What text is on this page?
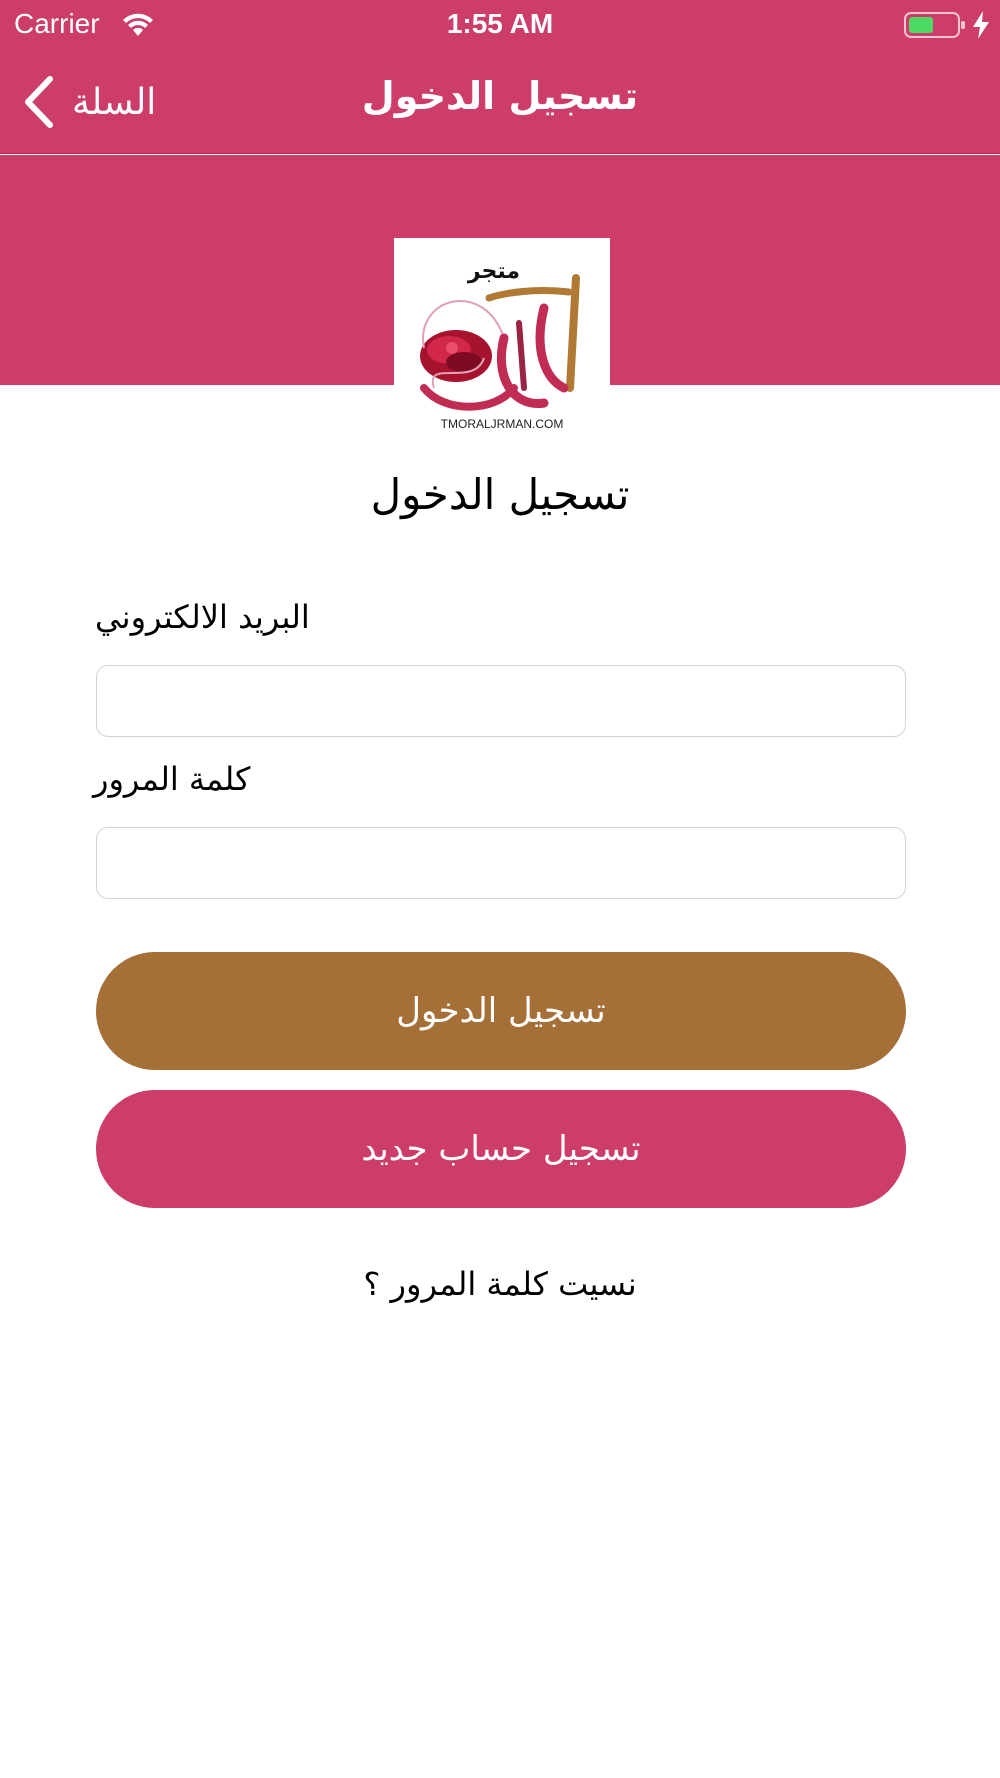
Carrier	1:55 AM
السلة	تسجيل الدخول
متجر
TMORALJRMAN.COM
تسجيل الدخول
البريد الالكتروني
كلمة المرور
تسجيل الدخول
تسجيل حساب جديد
نسيت كلمة المرور ؟
